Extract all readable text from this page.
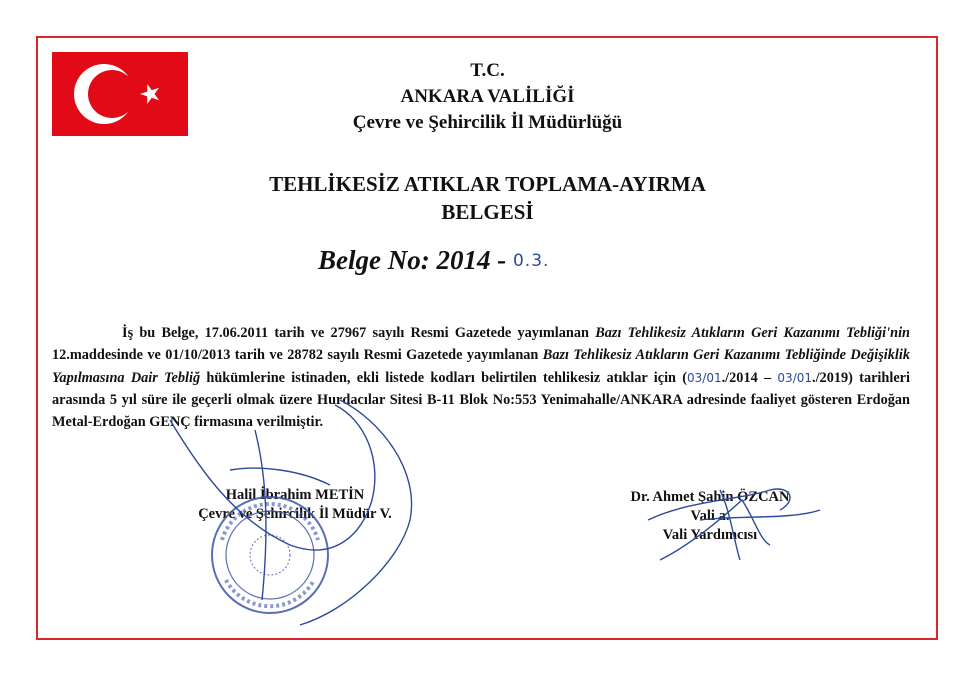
T.C.
ANKARA VALİLİĞİ
Çevre ve Şehircilik İl Müdürlüğü
TEHLİKESİZ ATIKLAR TOPLAMA-AYIRMA
BELGESİ
Belge No: 2014 - 0.3.
İş bu Belge, 17.06.2011 tarih ve 27967 sayılı Resmi Gazetede yayımlanan Bazı Tehlikesiz Atıkların Geri Kazanımı Tebliği'nin 12.maddesinde ve 01/10/2013 tarih ve 28782 sayılı Resmi Gazetede yayımlanan Bazı Tehlikesiz Atıkların Geri Kazanımı Tebliğinde Değişiklik Yapılmasına Dair Tebliğ hükümlerine istinaden, ekli listede kodları belirtilen tehlikesiz atıklar için (03/01./2014 – 03/01./2019) tarihleri arasında 5 yıl süre ile geçerli olmak üzere Hurdacılar Sitesi B-11 Blok No:553 Yenimahalle/ANKARA adresinde faaliyet gösteren Erdoğan Metal-Erdoğan GENÇ firmasına verilmiştir.
Halil İbrahim METİN
Çevre ve Şehircilik İl Müdür V.
Dr. Ahmet Şahin ÖZCAN
Vali a.
Vali Yardımcısı
